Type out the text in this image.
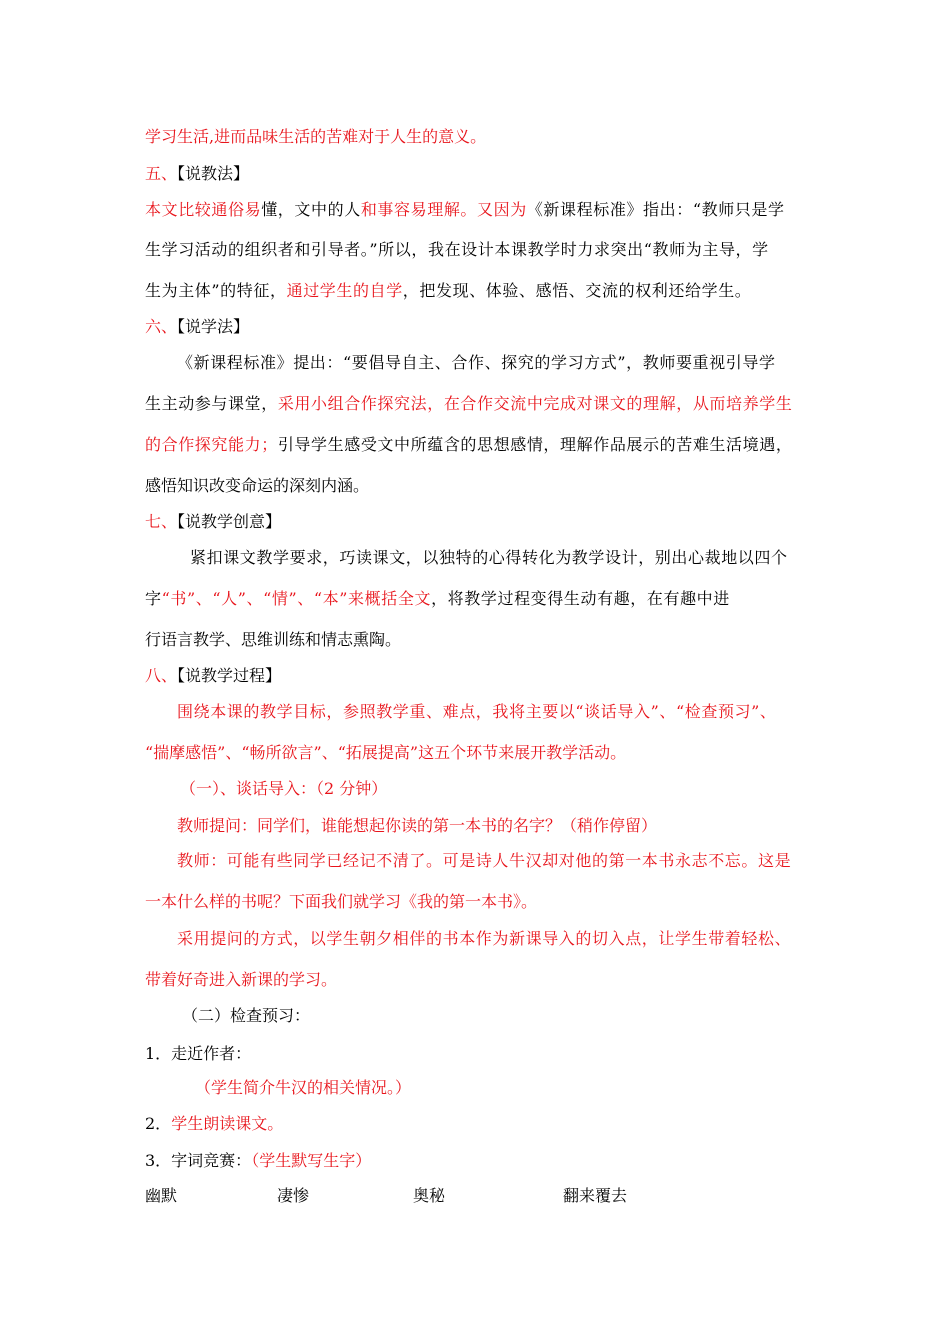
学习生活,进而品味生活的苦难对于人生的意义。
五、【说教法】
本文比较通俗易懂，文中的人和事容易理解。又因为《新课程标准》指出：“教师只是学
生学习活动的组织者和引导者。”所以，我在设计本课教学时力求突出“教师为主导，学
生为主体”的特征，通过学生的自学，把发现、体验、感悟、交流的权利还给学生。
六、【说学法】
《新课程标准》提出：“要倡导自主、合作、探究的学习方式”，教师要重视引导学
生主动参与课堂，采用小组合作探究法，在合作交流中完成对课文的理解，从而培养学生
的合作探究能力；引导学生感受文中所蕴含的思想感情，理解作品展示的苦难生活境遇，
感悟知识改变命运的深刻内涵。
七、【说教学创意】
紧扣课文教学要求，巧读课文，以独特的心得转化为教学设计，别出心裁地以四个
字“书”、“人”、“情”、“本”来概括全文，将教学过程变得生动有趣，在有趣中进
行语言教学、思维训练和情志熏陶。
八、【说教学过程】
围绕本课的教学目标，参照教学重、难点，我将主要以“谈话导入”、“检查预习”、
“揣摩感悟”、“畅所欲言”、“拓展提高”这五个环节来展开教学活动。
（一）、谈话导入：（2 分钟）
教师提问：同学们，谁能想起你读的第一本书的名字？（稍作停留）
教师：可能有些同学已经记不清了。可是诗人牛汉却对他的第一本书永志不忘。这是
一本什么样的书呢？下面我们就学习《我的第一本书》。
采用提问的方式，以学生朝夕相伴的书本作为新课导入的切入点，让学生带着轻松、
带着好奇进入新课的学习。
（二）检查预习：
1．走近作者：
（学生简介牛汉的相关情况。）
2．学生朗读课文。
3．字词竞赛：（学生默写生字）
幽默	凄惨	奥秘	翻来覆去
